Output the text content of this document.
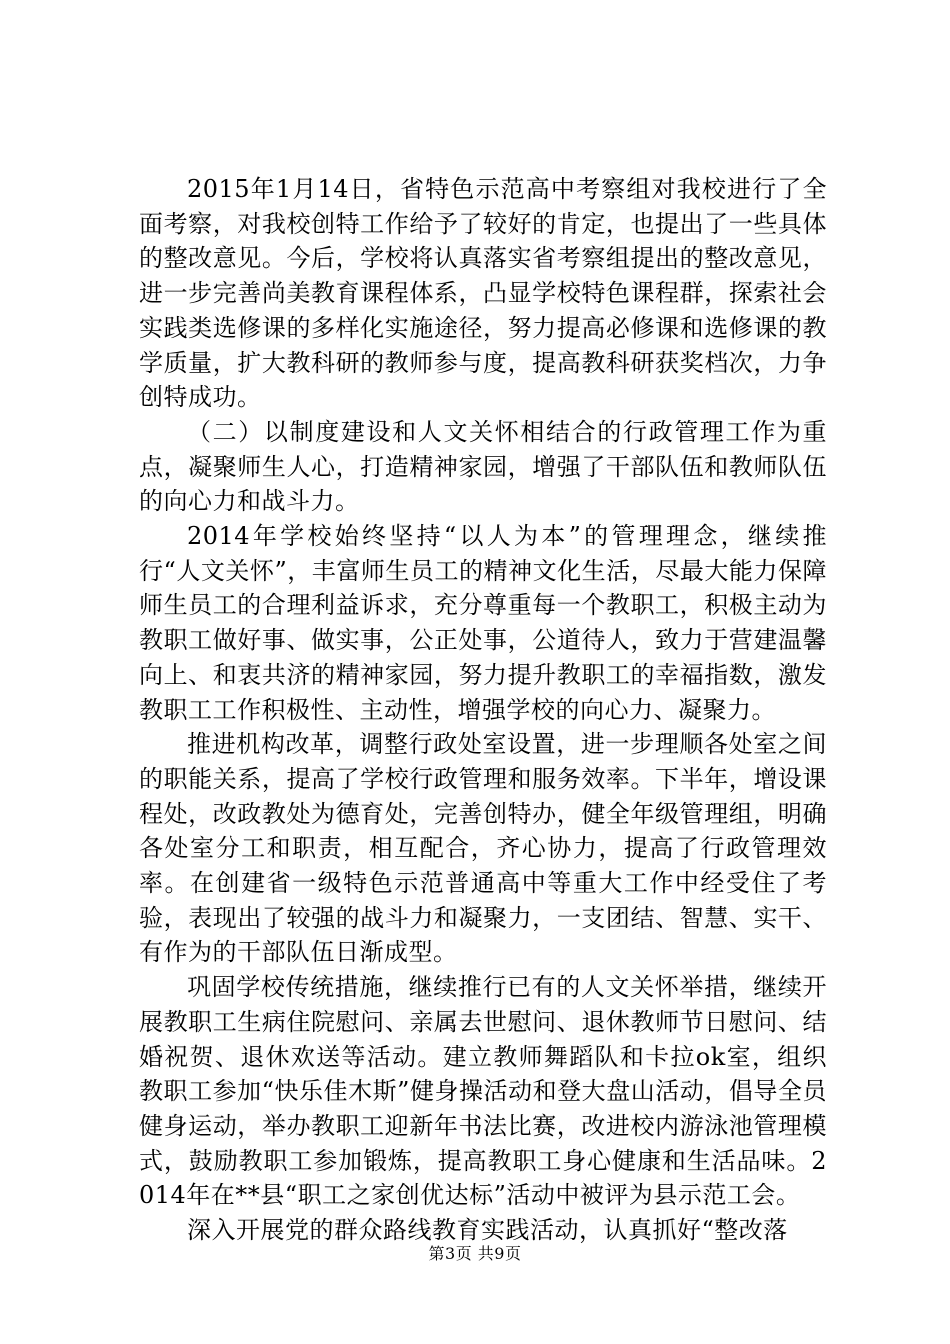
2015年1月14日，省特色示范高中考察组对我校进行了全面考察，对我校创特工作给予了较好的肯定，也提出了一些具体的整改意见。今后，学校将认真落实省考察组提出的整改意见，进一步完善尚美教育课程体系，凸显学校特色课程群，探索社会实践类选修课的多样化实施途径，努力提高必修课和选修课的教学质量，扩大教科研的教师参与度，提高教科研获奖档次，力争创特成功。

（二）以制度建设和人文关怀相结合的行政管理工作为重点，凝聚师生人心，打造精神家园，增强了干部队伍和教师队伍的向心力和战斗力。

2014年学校始终坚持“以人为本”的管理理念，继续推行“人文关怀”，丰富师生员工的精神文化生活，尽最大能力保障师生员工的合理利益诉求，充分尊重每一个教职工，积极主动为教职工做好事、做实事，公正处事，公道待人，致力于营建温馨向上、和衷共济的精神家园，努力提升教职工的幸福指数，激发教职工工作积极性、主动性，增强学校的向心力、凝聚力。

推进机构改革，调整行政处室设置，进一步理顺各处室之间的职能关系，提高了学校行政管理和服务效率。下半年，增设课程处，改政教处为德育处，完善创特办，健全年级管理组，明确各处室分工和职责，相互配合，齐心协力，提高了行政管理效率。在创建省一级特色示范普通高中等重大工作中经受住了考验，表现出了较强的战斗力和凝聚力，一支团结、智慧、实干、有作为的干部队伍日渐成型。

巩固学校传统措施，继续推行已有的人文关怀举措，继续开展教职工生病住院慰问、亲属去世慰问、退休教师节日慰问、结婚祝贺、退休欢送等活动。建立教师舞蹈队和卡拉ok室，组织教职工参加“快乐佳木斯”健身操活动和登大盘山活动，倡导全员健身运动，举办教职工迎新年书法比赛，改进校内游泳池管理模式，鼓励教职工参加锻炼，提高教职工身心健康和生活品味。2014年在**县“职工之家创优达标”活动中被评为县示范工会。

深入开展党的群众路线教育实践活动，认真抓好“整改落

第3页 共9页
